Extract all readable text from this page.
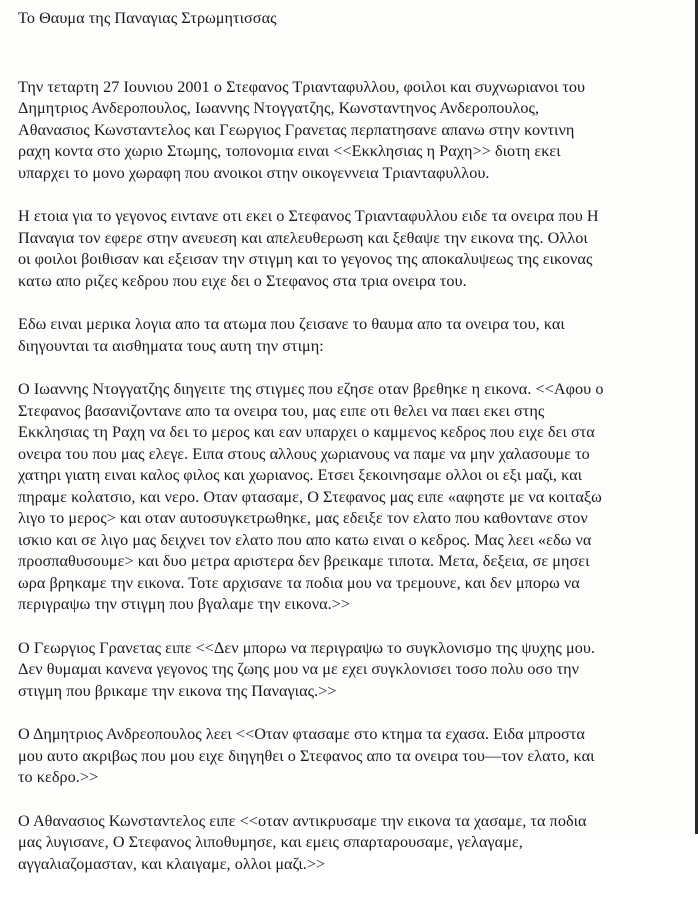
Το Θαυμα της Παναγιας Στρωμητισσας
Την τεταρτη 27 Ιουνιου 2001 ο Στεφανος Τριανταφυλλου, φοιλοι και συχνωριανοι του
Δημητριος Ανδεροπουλος, Ιωαννης Ντογγατζης, Κωνσταντηνος Ανδεροπουλος,
Αθανασιος Κωνσταντελος και Γεωργιος Γρανετας περπατησανε απανω στην κοντινη
ραχη κοντα στο χωριο Στωμης, τοπονομια ειναι <<Εκκλησιας η Ραχη>> διοτη εκει
υπαρχει το μονο χωραφη που ανοικοι στην οικογεννεια Τριανταφυλλου.
Η ετοια για το γεγονος ειντανε οτι εκει ο Στεφανος Τριανταφυλλου ειδε τα ονειρα που Η
Παναγια τον εφερε στην ανευεση και απελευθερωση και ξεθαψε την εικονα της. Ολλοι
οι φοιλοι βοιθισαν και εξεισαν την στιγμη και το γεγονος της αποκαλυψεως της εικονας
κατω απο ριζες κεδρου που ειχε δει ο Στεφανος στα τρια ονειρα του.
Εδω ειναι μερικα λογια απο τα ατωμα που ζεισανε το θαυμα απο τα ονειρα του, και
διηγουνται τα αισθηματα τους αυτη την στιμη:
Ο Ιωαννης Ντογγατζης διηγειτε της στιγμες που εζησε οταν βρεθηκε η εικονα. <<Αφου ο
Στεφανος βασανιζοντανε απο τα ονειρα του, μας ειπε οτι θελει να παει εκει στης
Εκκλησιας τη Ραχη να δει το μερος και εαν υπαρχει ο καμμενος κεδρος που ειχε δει στα
ονειρα του που μας ελεγε. Ειπα στους αλλους χωριανους να παμε να μην χαλασουμε το
χατηρι γιατη ειναι καλος φιλος και χωριανος. Ετσει ξεκοινησαμε ολλοι οι εξι μαζι, και
πηραμε κολατσιο, και νερο. Οταν φτασαμε, Ο Στεφανος μας ειπε «αφηστε με να κοιταξω
λιγο το μερος> και οταν αυτοσυγκετρωθηκε, μας εδειξε τον ελατο που καθοντανε στον
ισκιο και σε λιγο μας δειχνει τον ελατο που απο κατω ειναι ο κεδρος. Μας λεει «εδω να
προσπαθυσουμε> και δυο μετρα αριστερα δεν βρεικαμε τιποτα. Μετα, δεξεια, σε μησει
ωρα βρηκαμε την εικονα. Τοτε αρχισανε τα ποδια μου να τρεμουνε, και δεν μπορω να
περιγραψω την στιγμη που βγαλαμε την εικονα.>>
Ο Γεωργιος Γρανετας ειπε <<Δεν μπορω να περιγραψω το συγκλονισμο της ψυχης μου.
Δεν θυμαμαι κανενα γεγονος της ζωης μου να με εχει συγκλονισει τοσο πολυ οσο την
στιγμη που βρικαμε την εικονα της Παναγιας.>>
Ο Δημητριος Ανδρεοπουλος λεει <<Οταν φτασαμε στο κτημα τα εχασα. Ειδα μπροστα
μου αυτο ακριβως που μου ειχε διηγηθει ο Στεφανος απο τα ονειρα του—τον ελατο, και
το κεδρο.>>
Ο Αθανασιος Κωνσταντελος ειπε <<οταν αντικρυσαμε την εικονα τα χασαμε, τα ποδια
μας λυγισανε, Ο Στεφανος λιποθυμησε, και εμεις σπαρταρουσαμε, γελαγαμε,
αγγαλιαζομασταν, και κλαιγαμε, ολλοι μαζι.>>
